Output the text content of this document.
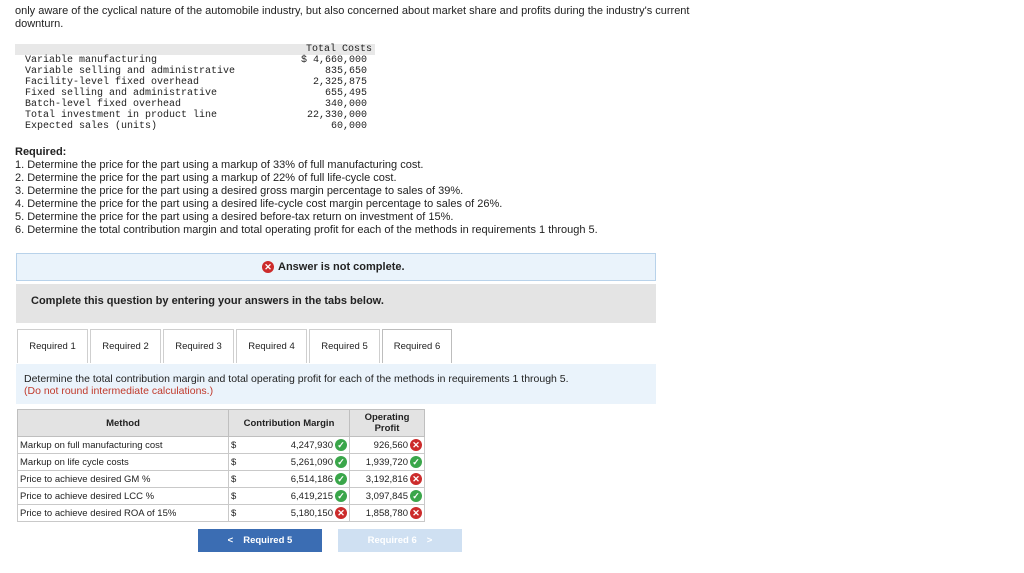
only aware of the cyclical nature of the automobile industry, but also concerned about market share and profits during the industry's current downturn.
Total Costs
Variable manufacturing	$ 4,660,000
Variable selling and administrative	835,650
Facility-level fixed overhead	2,325,875
Fixed selling and administrative	655,495
Batch-level fixed overhead	340,000
Total investment in product line	22,330,000
Expected sales (units)	60,000
Required:
1. Determine the price for the part using a markup of 33% of full manufacturing cost.
2. Determine the price for the part using a markup of 22% of full life-cycle cost.
3. Determine the price for the part using a desired gross margin percentage to sales of 39%.
4. Determine the price for the part using a desired life-cycle cost margin percentage to sales of 26%.
5. Determine the price for the part using a desired before-tax return on investment of 15%.
6. Determine the total contribution margin and total operating profit for each of the methods in requirements 1 through 5.
✕ Answer is not complete.
Complete this question by entering your answers in the tabs below.
Required 1	Required 2	Required 3	Required 4	Required 5	Required 6
Determine the total contribution margin and total operating profit for each of the methods in requirements 1 through 5.
(Do not round intermediate calculations.)
Method	Contribution Margin		Operating
Profit

Markup on full manufacturing cost	$	4,247,930 ✓	926,560 ✕

Markup on life cycle costs	$	5,261,090 ✓	1,939,720 ✓

Price to achieve desired GM %	$	6,514,186 ✓	3,192,816 ✕

Price to achieve desired LCC %	$	6,419,215 ✓	3,097,845 ✓

Price to achieve desired ROA of 15%	$	5,180,150 ✕	1,858,780 ✕
< Required 5	Required 6 >
